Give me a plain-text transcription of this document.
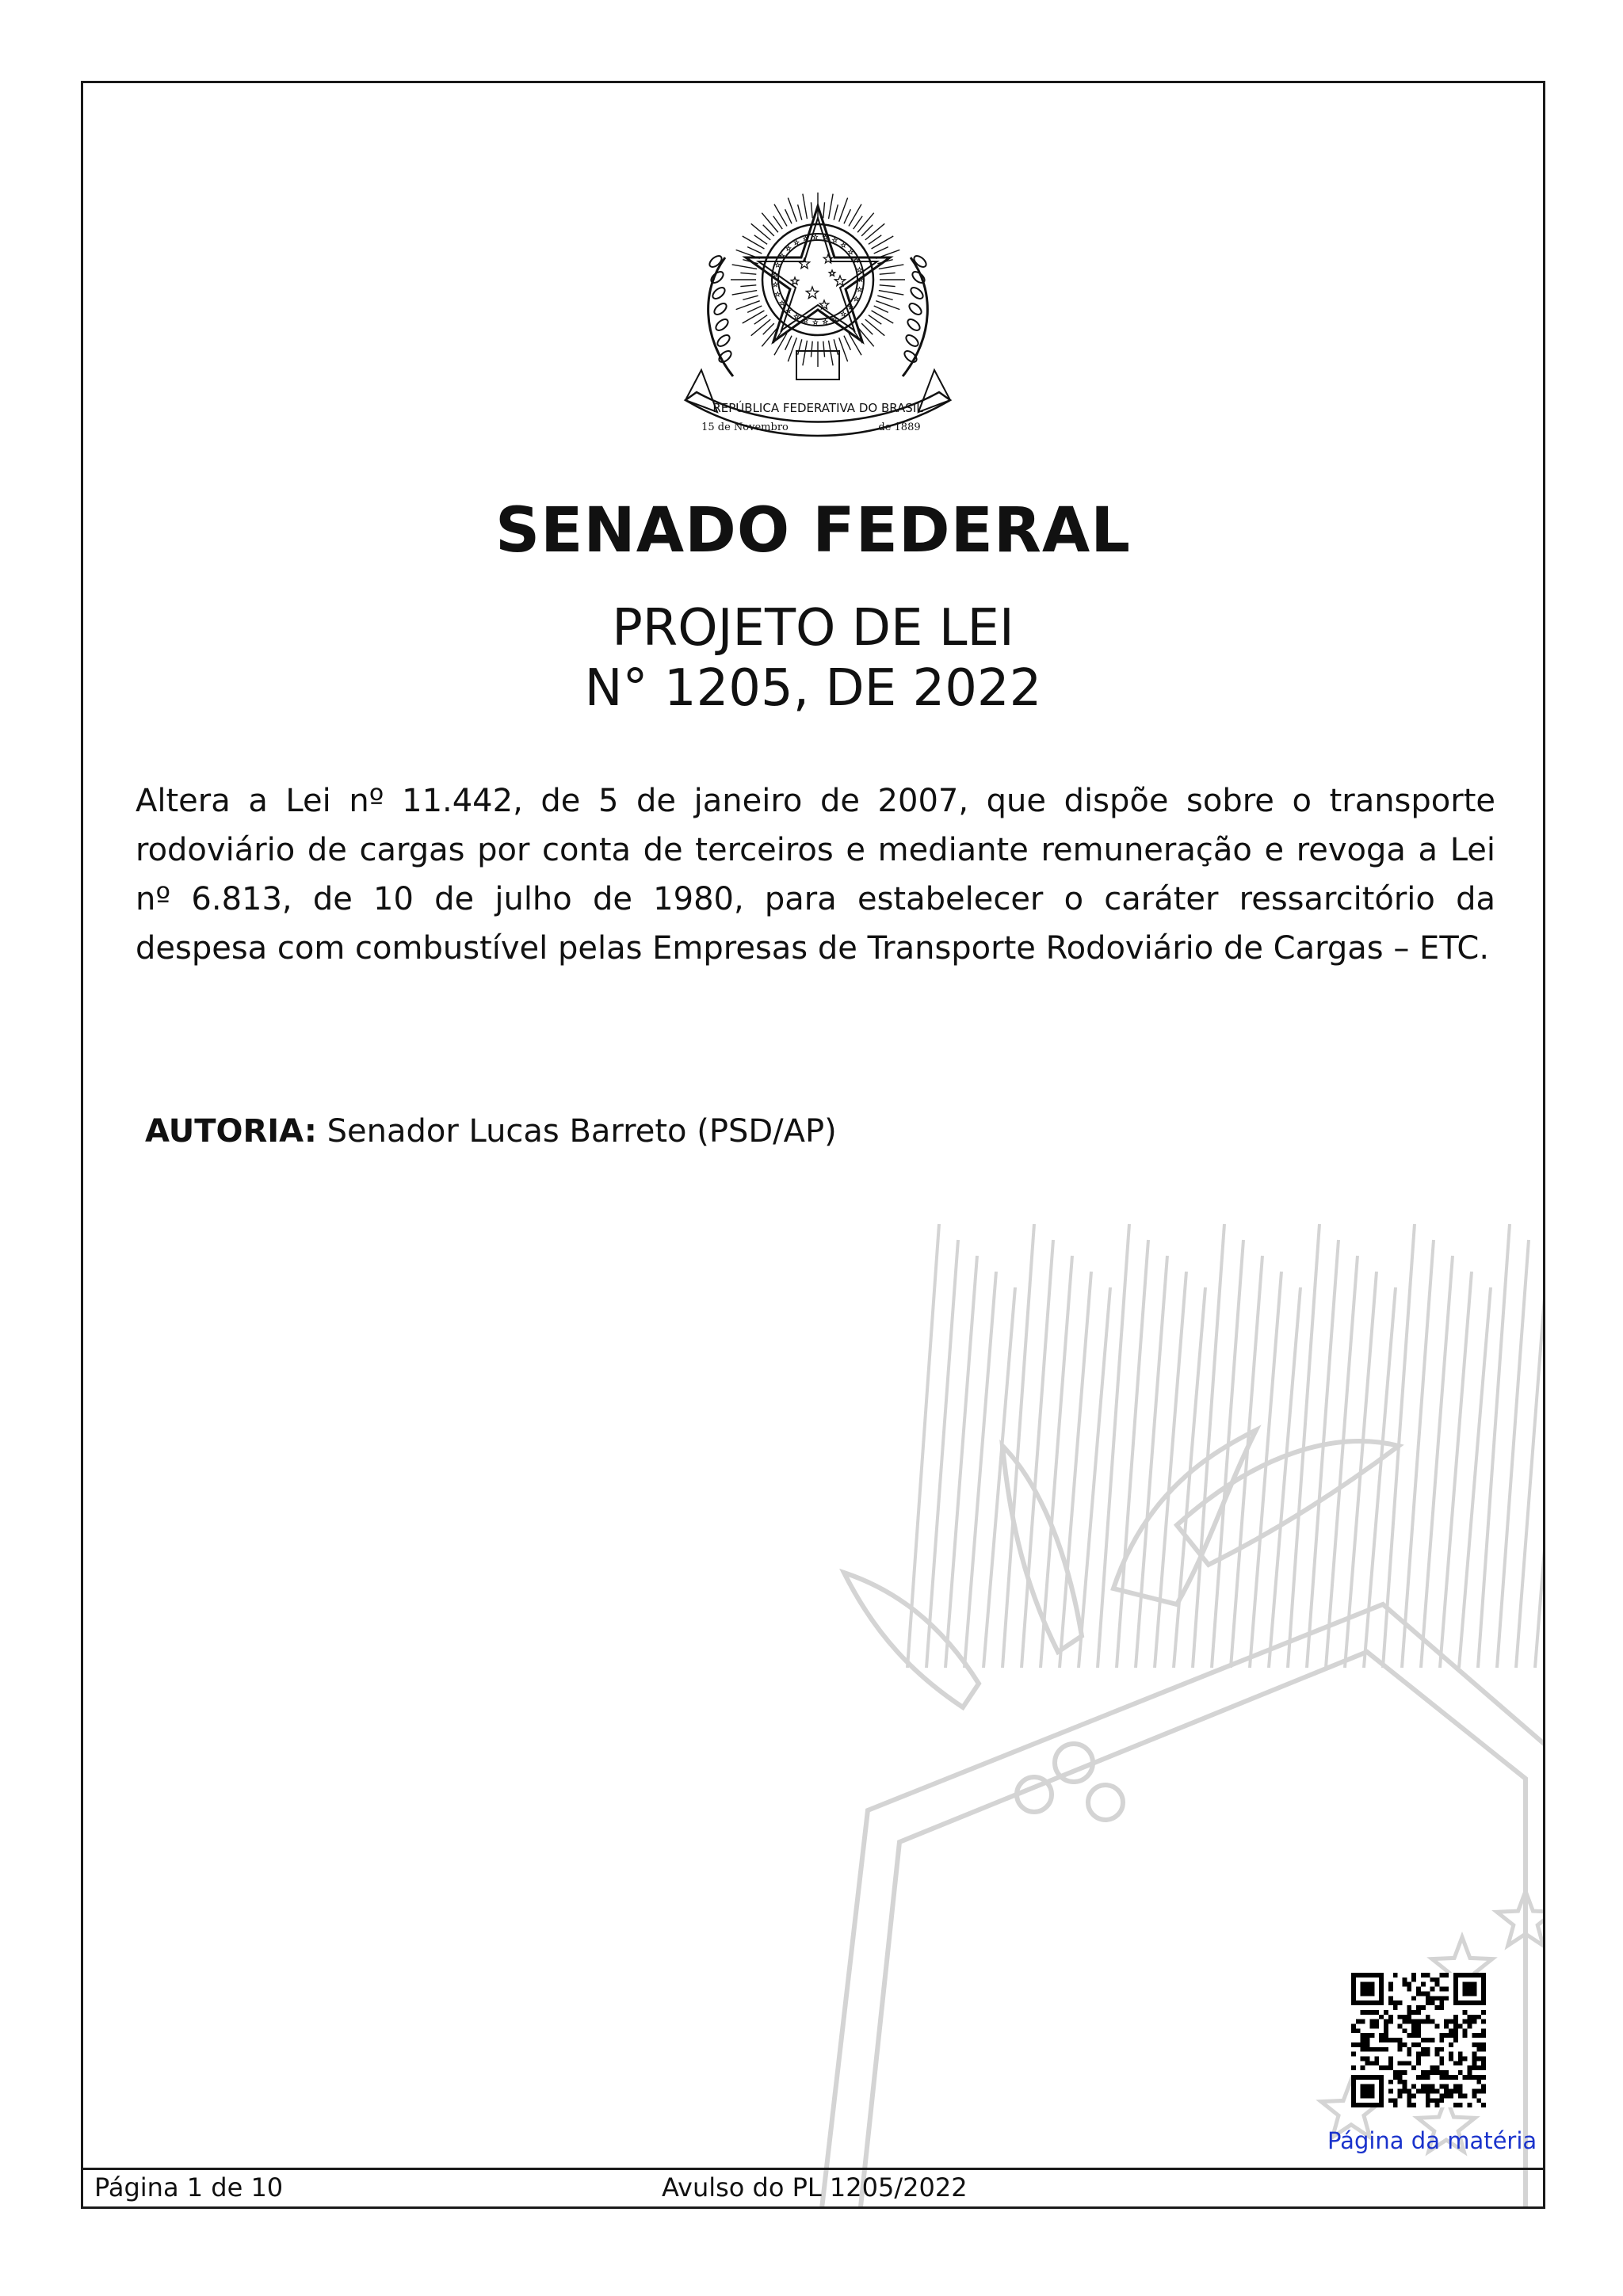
REPÚBLICA FEDERATIVA DO BRASIL
15 de Novembro	de 1889
SENADO FEDERAL
PROJETO DE LEI
N° 1205, DE 2022

Altera a Lei nº 11.442, de 5 de janeiro de 2007, que dispõe sobre o transporte rodoviário de cargas por conta de terceiros e mediante remuneração e revoga a Lei nº 6.813, de 10 de julho de 1980, para estabelecer o caráter ressarcitório da despesa com combustível pelas Empresas de Transporte Rodoviário de Cargas – ETC.

AUTORIA: Senador Lucas Barreto (PSD/AP)

Página da matéria
Página 1 de 10	Avulso do PL 1205/2022
